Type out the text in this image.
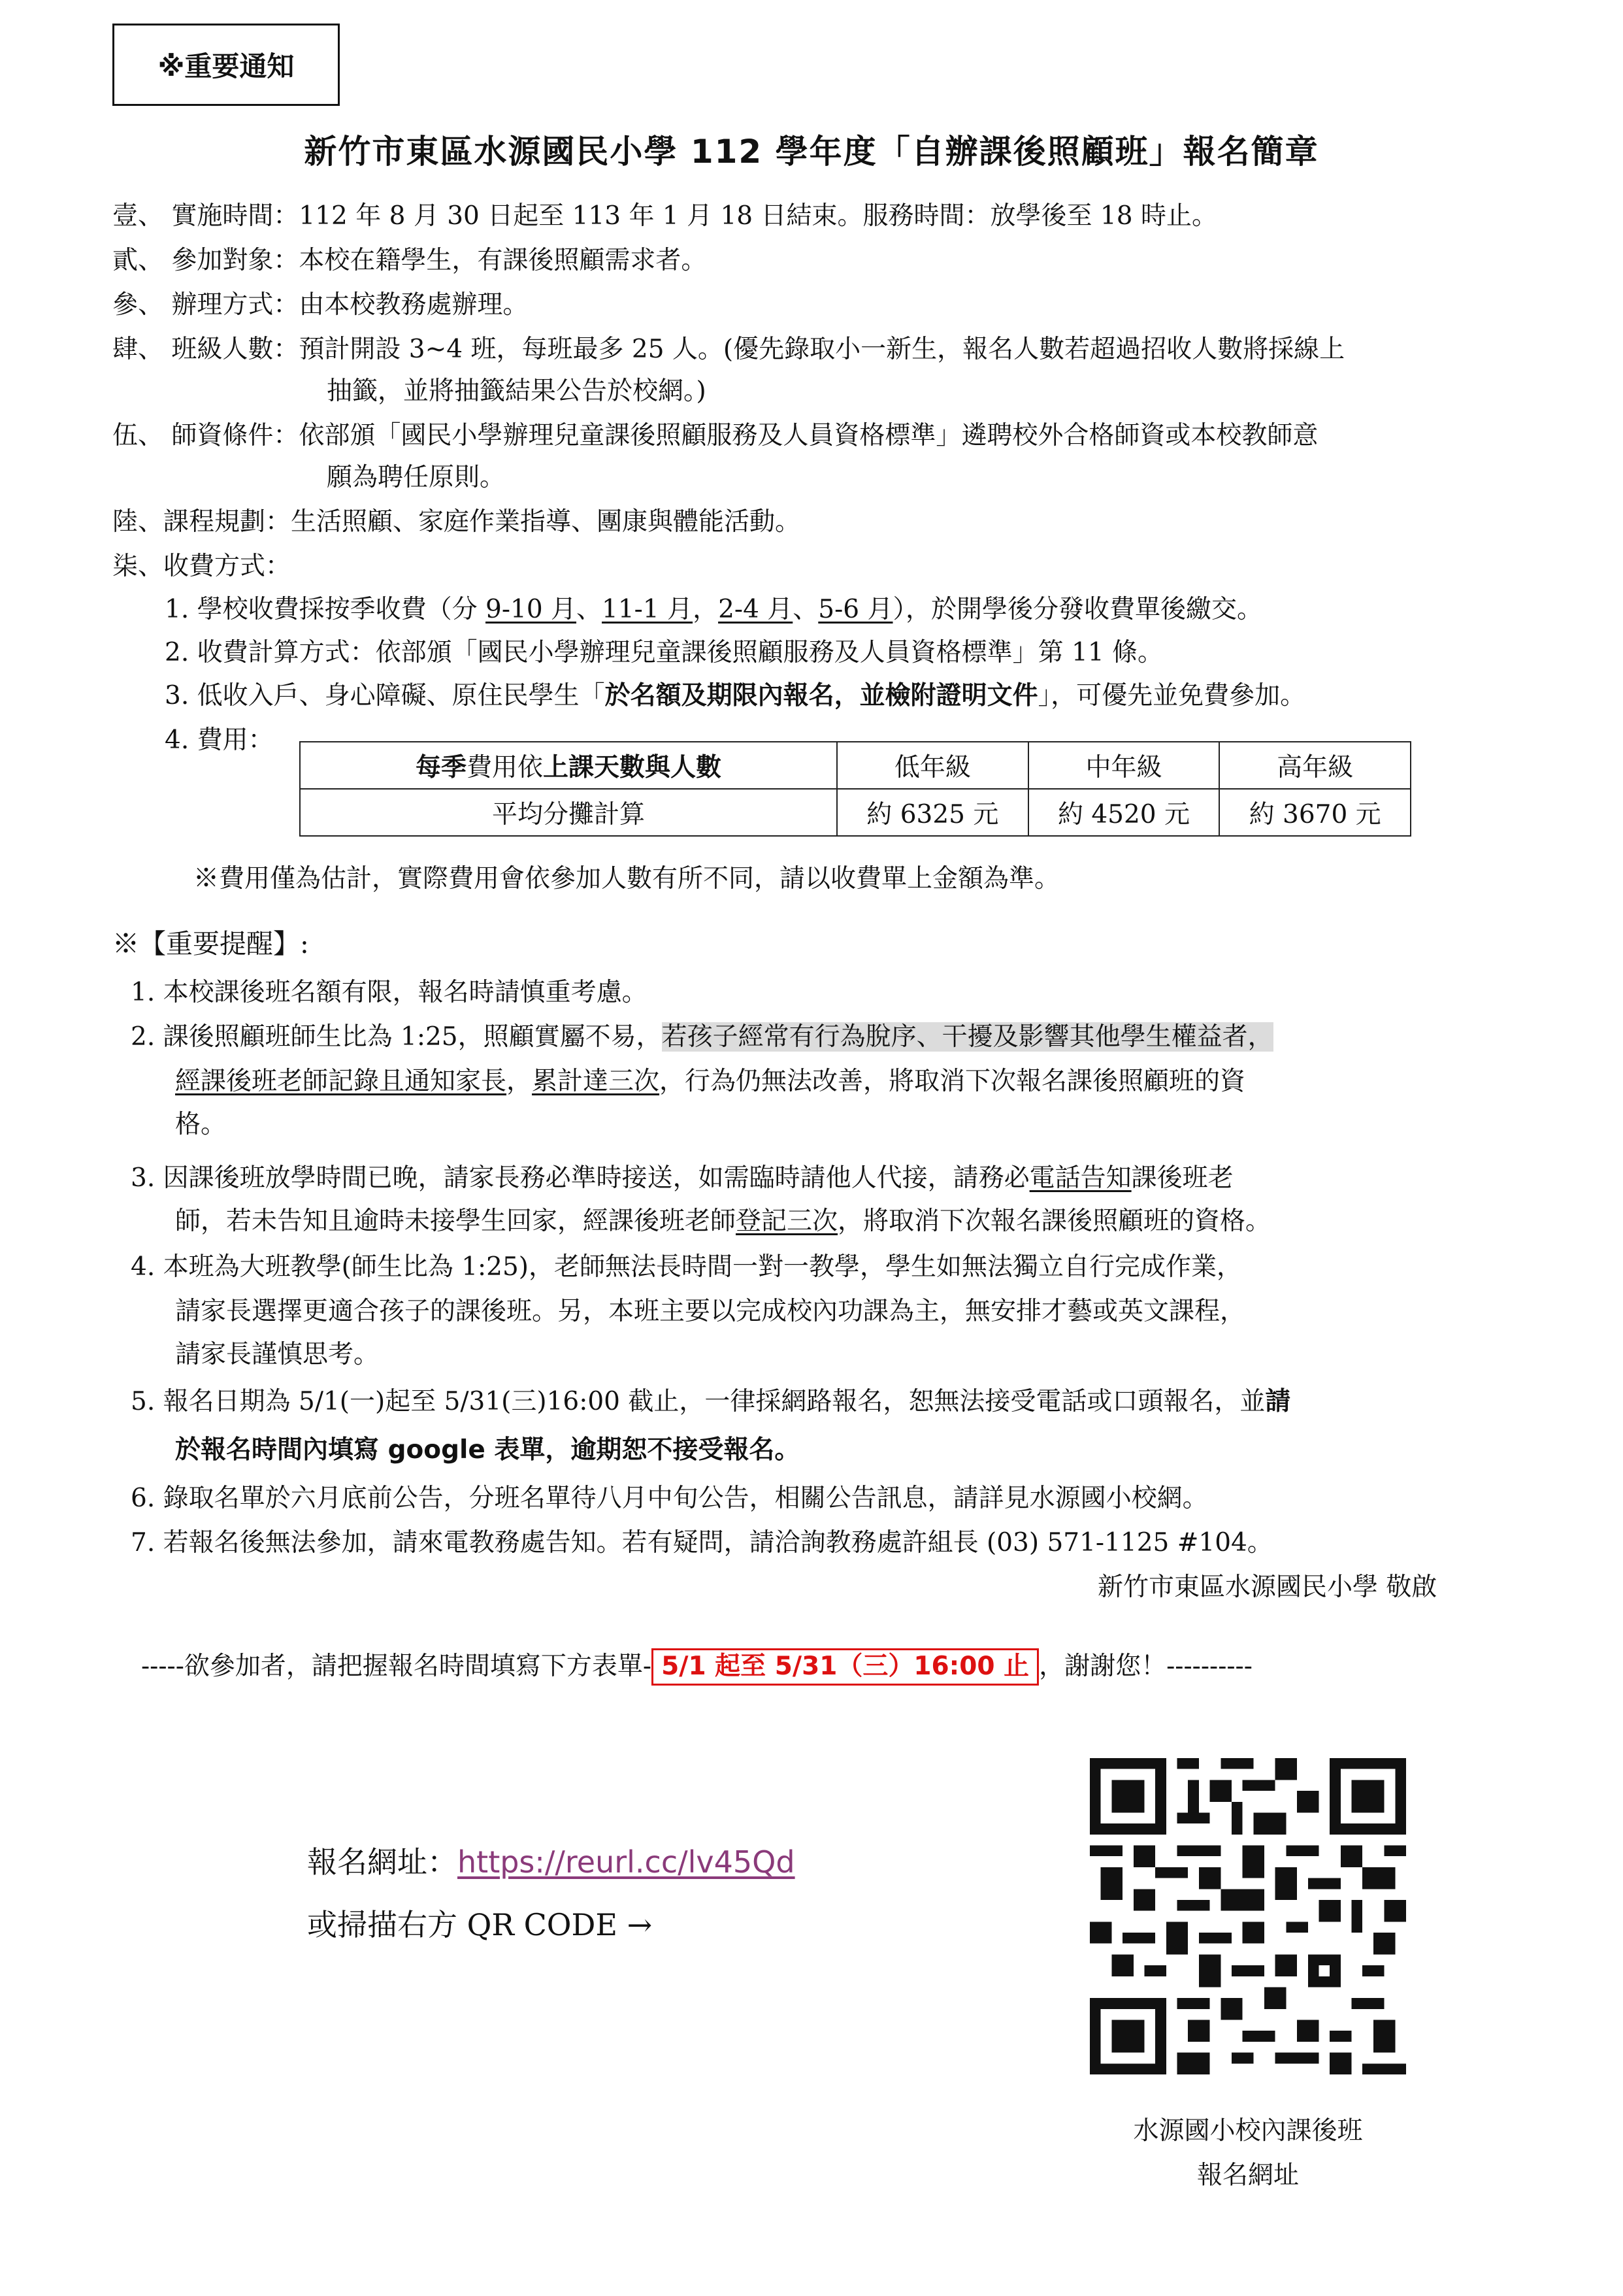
※重要通知
新竹市東區水源國民小學 112 學年度「自辦課後照顧班」報名簡章
壹、 實施時間：112 年 8 月 30 日起至 113 年 1 月 18 日結束。服務時間：放學後至 18 時止。
貳、 參加對象：本校在籍學生，有課後照顧需求者。
參、 辦理方式：由本校教務處辦理。
肆、 班級人數：預計開設 3~4 班，每班最多 25 人。(優先錄取小一新生，報名人數若超過招收人數將採線上
抽籤，並將抽籤結果公告於校網。)
伍、 師資條件：依部頒「國民小學辦理兒童課後照顧服務及人員資格標準」遴聘校外合格師資或本校教師意
願為聘任原則。
陸、課程規劃：生活照顧、家庭作業指導、團康與體能活動。
柒、收費方式：
1. 學校收費採按季收費（分 9-10 月、11-1 月，2-4 月、5-6 月），於開學後分發收費單後繳交。
2. 收費計算方式：依部頒「國民小學辦理兒童課後照顧服務及人員資格標準」第 11 條。
3. 低收入戶、身心障礙、原住民學生「於名額及期限內報名，並檢附證明文件」，可優先並免費參加。
4. 費用：
每季費用依上課天數與人數	低年級	中年級	高年級
平均分攤計算	約 6325 元	約 4520 元	約 3670 元
※費用僅為估計，實際費用會依參加人數有所不同，請以收費單上金額為準。
※【重要提醒】:
1. 本校課後班名額有限，報名時請慎重考慮。
2. 課後照顧班師生比為 1:25，照顧實屬不易，若孩子經常有行為脫序、干擾及影響其他學生權益者，
經課後班老師記錄且通知家長，累計達三次，行為仍無法改善，將取消下次報名課後照顧班的資
格。
3. 因課後班放學時間已晚，請家長務必準時接送，如需臨時請他人代接，請務必電話告知課後班老
師，若未告知且逾時未接學生回家，經課後班老師登記三次，將取消下次報名課後照顧班的資格。
4. 本班為大班教學(師生比為 1:25)，老師無法長時間一對一教學，學生如無法獨立自行完成作業，
請家長選擇更適合孩子的課後班。另，本班主要以完成校內功課為主，無安排才藝或英文課程，
請家長謹慎思考。
5. 報名日期為 5/1(一)起至 5/31(三)16:00 截止，一律採網路報名，恕無法接受電話或口頭報名，並請
於報名時間內填寫 google 表單，逾期恕不接受報名。
6. 錄取名單於六月底前公告，分班名單待八月中旬公告，相關公告訊息，請詳見水源國小校網。
7. 若報名後無法參加，請來電教務處告知。若有疑問，請洽詢教務處許組長 (03) 571-1125 #104。
新竹市東區水源國民小學 敬啟
-----欲參加者，請把握報名時間填寫下方表單- 5/1 起至 5/31（三）16:00 止 ，謝謝您！----------
報名網址：https://reurl.cc/lv45Qd
或掃描右方 QR CODE →
水源國小校內課後班
報名網址
